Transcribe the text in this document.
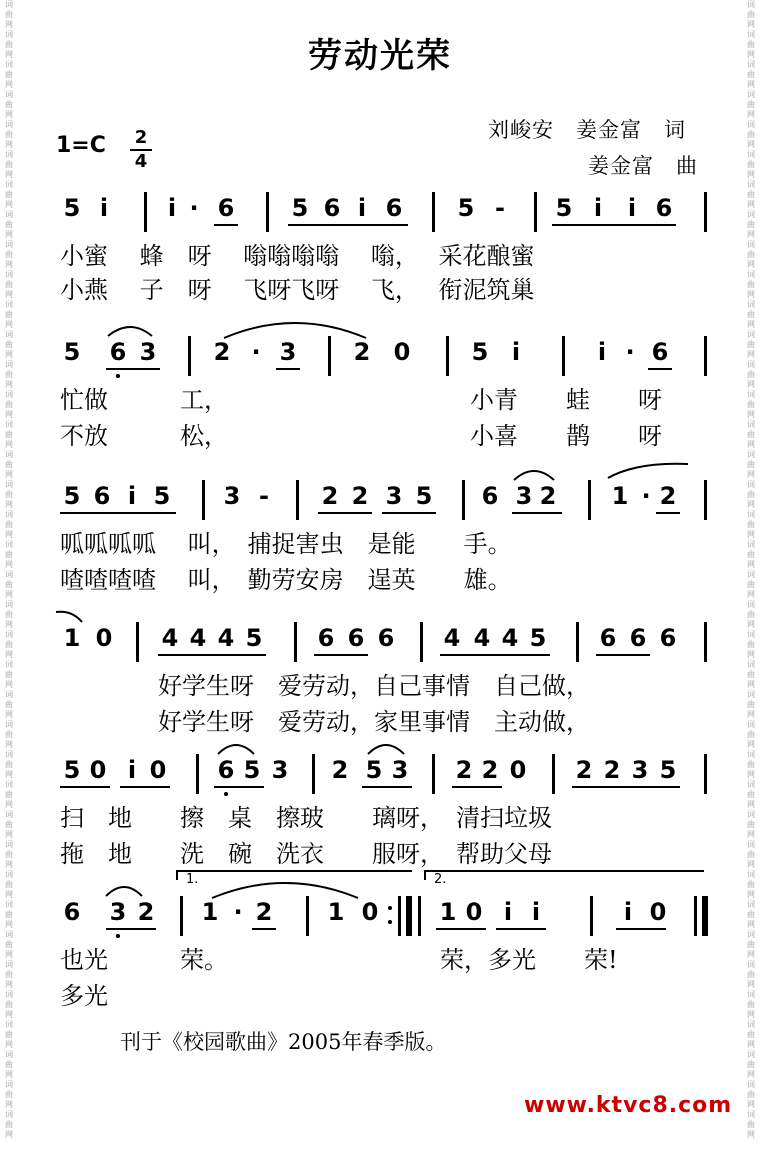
词
曲
网
词
曲
网
词
曲
网
词
曲
网
词
曲
网
词
曲
网
词
曲
网
词
曲
网
词
曲
网
词
曲
网
词
曲
网
词
曲
网
词
曲
网
词
曲
网
词
曲
网
词
曲
网
词
曲
网
词
曲
网
词
曲
网
词
曲
网
词
曲
网
词
曲
网
词
曲
网
词
曲
网
词
曲
网
词
曲
网
词
曲
网
词
曲
网
词
曲
网
词
曲
网
词
曲
网
词
曲
网
词
曲
网
词
曲
网
词
曲
网
词
曲
网
词
曲
网
词
曲
网
词
曲
网
词
曲
网
词
曲
网
词
曲
网
词
曲
网
词
曲
网
词
曲
网
词
曲
网
词
曲
网
词
曲
网
词
曲
网
词
曲
网
词
曲
网
词
曲
网
词
曲
网
词
曲
网
词
曲
网
词
曲
网
词
曲
网
词
曲
网
词
曲
网
词
曲
网
词
曲
网
词
曲
网
词
曲
网
词
曲
网
词
曲
网
词
曲
网
词
曲
网
词
曲
网
词
曲
网
词
曲
网
词
曲
网
词
曲
网
词
曲
网
词
曲
网
词
曲
网
词
曲
网
劳动光荣
刘峻安　姜金富　词
姜金富　曲
1=C 2
4
5 i	i · 6 5 6 i 6 5 - 5 i	i 6
小蜜　 蜂　呀　 嗡嗡嗡嗡　 嗡，　 采花酿蜜
小燕　 子　呀　 飞呀飞呀　 飞，　 衔泥筑巢
5 6 3 2 · 3 2 0	5 i	i · 6
忙做　　　工，
不放　　　松，
小青　　蛙　　呀
小喜　　鹊　　呀
5 6 i 5 3 - 2 2 3 5 6 3 2 1 · 2
呱呱呱呱　 叫，　捕捉害虫　是能　　手。
喳喳喳喳　 叫，　勤劳安房　逞英　　雄。
1 0 4 4 4 5 6 6 6 4 4 4 5 6 6 6
好学生呀　爱劳动，自己事情　自己做，
好学生呀　爱劳动，家里事情　主动做，
5 0 i 0 6 5 3 2 5 3 2 2 0 2 2 3 5
扫　地　　擦　桌　擦玻　　璃呀，　清扫垃圾
拖　地　　洗　碗　洗衣　　服呀，　帮助父母
1.	2.
6 3 2 1 · 2 1 0	1 0 i i	i 0
也光　　　荣。	荣，多光　　荣!
多光
刊于《校园歌曲》2005年春季版。
www.ktvc8.com
